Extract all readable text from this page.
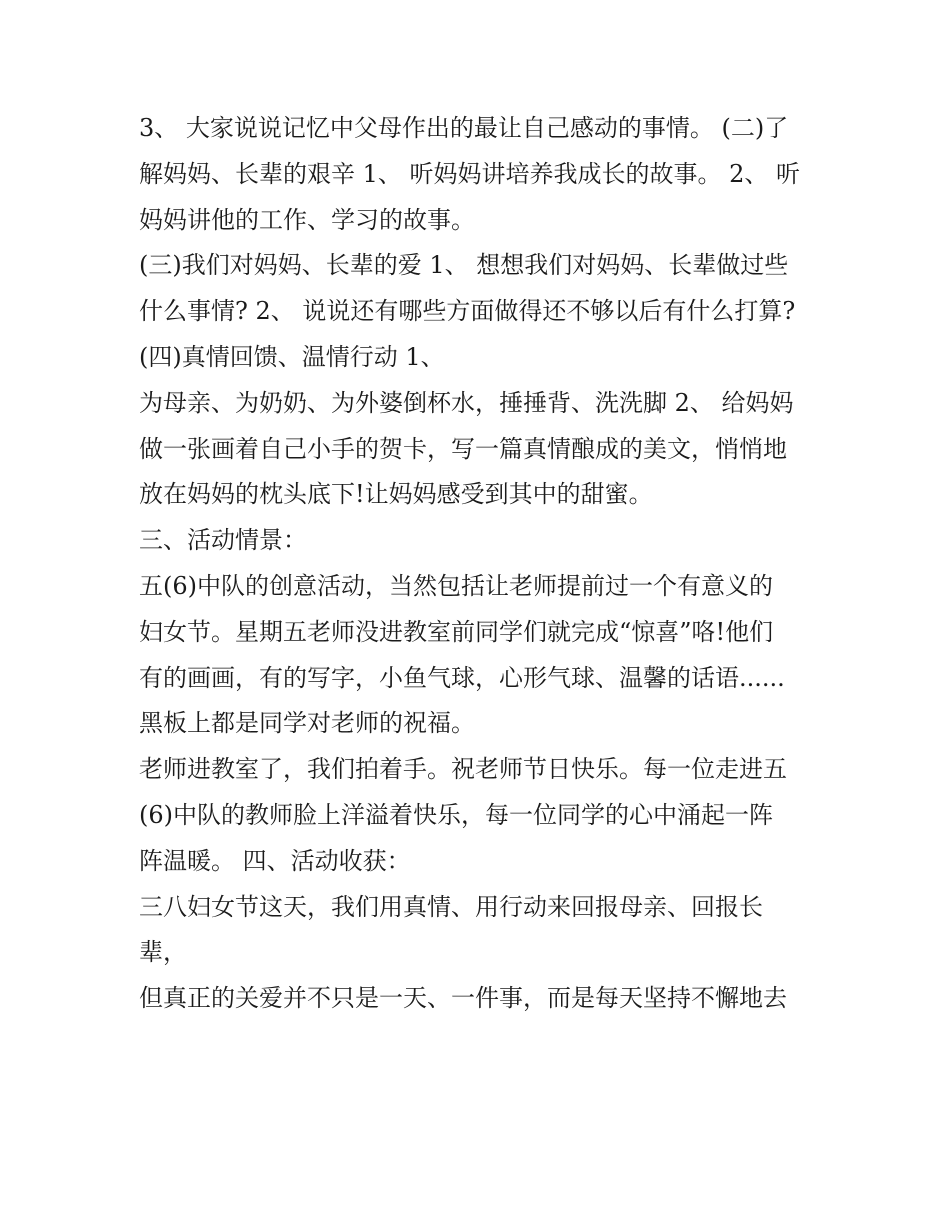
3、 大家说说记忆中父母作出的最让自己感动的事情。 (二)了
解妈妈、长辈的艰辛 1、 听妈妈讲培养我成长的故事。 2、 听
妈妈讲他的工作、学习的故事。
(三)我们对妈妈、长辈的爱 1、 想想我们对妈妈、长辈做过些
什么事情? 2、 说说还有哪些方面做得还不够以后有什么打算?
(四)真情回馈、温情行动 1、
为母亲、为奶奶、为外婆倒杯水，捶捶背、洗洗脚 2、 给妈妈
做一张画着自己小手的贺卡，写一篇真情酿成的美文，悄悄地
放在妈妈的枕头底下!让妈妈感受到其中的甜蜜。
三、活动情景：
五(6)中队的创意活动，当然包括让老师提前过一个有意义的
妇女节。星期五老师没进教室前同学们就完成“惊喜”咯!他们
有的画画，有的写字，小鱼气球，心形气球、温馨的话语......
黑板上都是同学对老师的祝福。
老师进教室了，我们拍着手。祝老师节日快乐。每一位走进五
(6)中队的教师脸上洋溢着快乐，每一位同学的心中涌起一阵
阵温暖。 四、活动收获：
三八妇女节这天，我们用真情、用行动来回报母亲、回报长
辈，
但真正的关爱并不只是一天、一件事，而是每天坚持不懈地去
